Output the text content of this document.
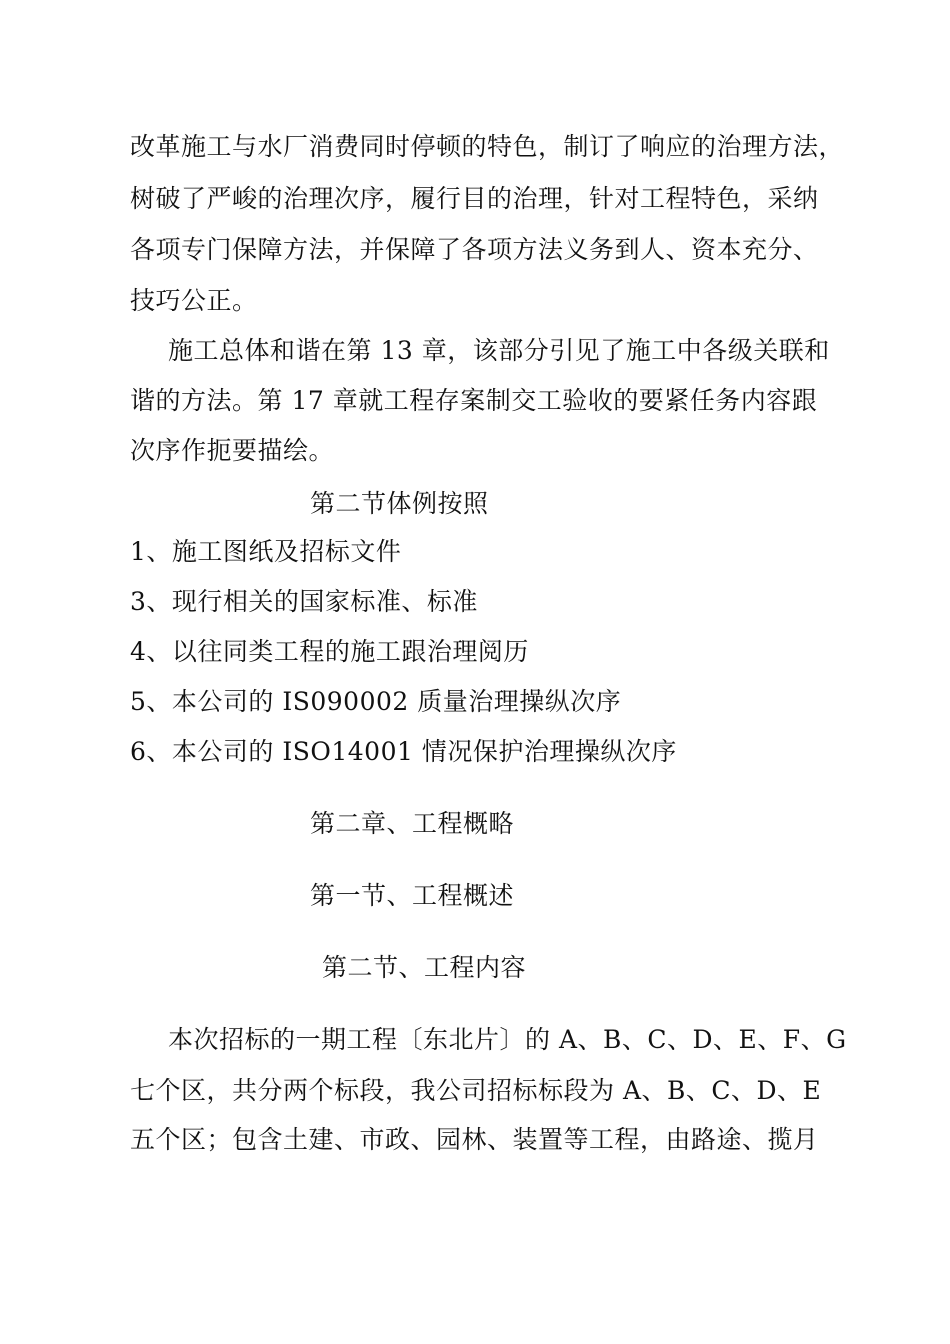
改革施工与水厂消费同时停顿的特色，制订了响应的治理方法，
树破了严峻的治理次序，履行目的治理，针对工程特色，采纳
各项专门保障方法，并保障了各项方法义务到人、资本充分、
技巧公正。
施工总体和谐在第 13 章，该部分引见了施工中各级关联和
谐的方法。第 17 章就工程存案制交工验收的要紧任务内容跟
次序作扼要描绘。
第二节体例按照
1、施工图纸及招标文件
3、现行相关的国家标准、标准
4、以往同类工程的施工跟治理阅历
5、本公司的 IS090002 质量治理操纵次序
6、本公司的 ISO14001 情况保护治理操纵次序
第二章、工程概略
第一节、工程概述
第二节、工程内容
本次招标的一期工程〔东北片〕的 A、B、C、D、E、F、G
七个区，共分两个标段，我公司招标标段为 A、B、C、D、E
五个区；包含土建、市政、园林、装置等工程，由路途、揽月
